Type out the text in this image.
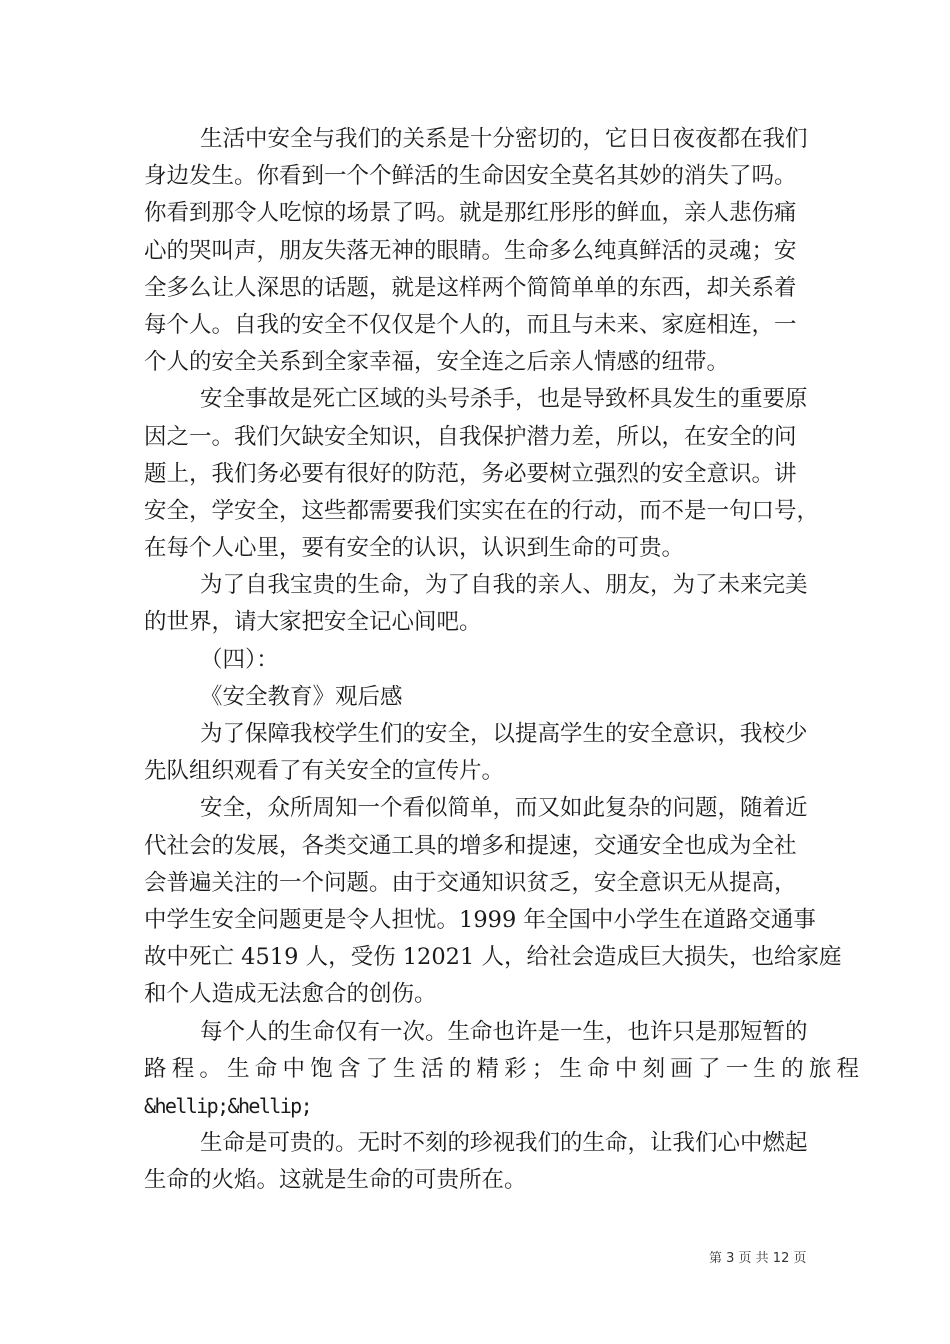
生活中安全与我们的关系是十分密切的，它日日夜夜都在我们
身边发生。你看到一个个鲜活的生命因安全莫名其妙的消失了吗。
你看到那令人吃惊的场景了吗。就是那红彤彤的鲜血，亲人悲伤痛
心的哭叫声，朋友失落无神的眼睛。生命多么纯真鲜活的灵魂；安
全多么让人深思的话题，就是这样两个简简单单的东西，却关系着
每个人。自我的安全不仅仅是个人的，而且与未来、家庭相连，一
个人的安全关系到全家幸福，安全连之后亲人情感的纽带。
安全事故是死亡区域的头号杀手，也是导致杯具发生的重要原
因之一。我们欠缺安全知识，自我保护潜力差，所以，在安全的问
题上，我们务必要有很好的防范，务必要树立强烈的安全意识。讲
安全，学安全，这些都需要我们实实在在的行动，而不是一句口号，
在每个人心里，要有安全的认识，认识到生命的可贵。
为了自我宝贵的生命，为了自我的亲人、朋友，为了未来完美
的世界，请大家把安全记心间吧。
（四）：
《安全教育》观后感
为了保障我校学生们的安全，以提高学生的安全意识，我校少
先队组织观看了有关安全的宣传片。
安全，众所周知一个看似简单，而又如此复杂的问题，随着近
代社会的发展，各类交通工具的增多和提速，交通安全也成为全社
会普遍关注的一个问题。由于交通知识贫乏，安全意识无从提高，
中学生安全问题更是令人担忧。1999 年全国中小学生在道路交通事
故中死亡 4519 人，受伤 12021 人，给社会造成巨大损失，也给家庭
和个人造成无法愈合的创伤。
每个人的生命仅有一次。生命也许是一生，也许只是那短暂的
路程。生命中饱含了生活的精彩；生命中刻画了一生的旅程
&hellip;&hellip;
生命是可贵的。无时不刻的珍视我们的生命，让我们心中燃起
生命的火焰。这就是生命的可贵所在。
第 3 页 共 12 页
